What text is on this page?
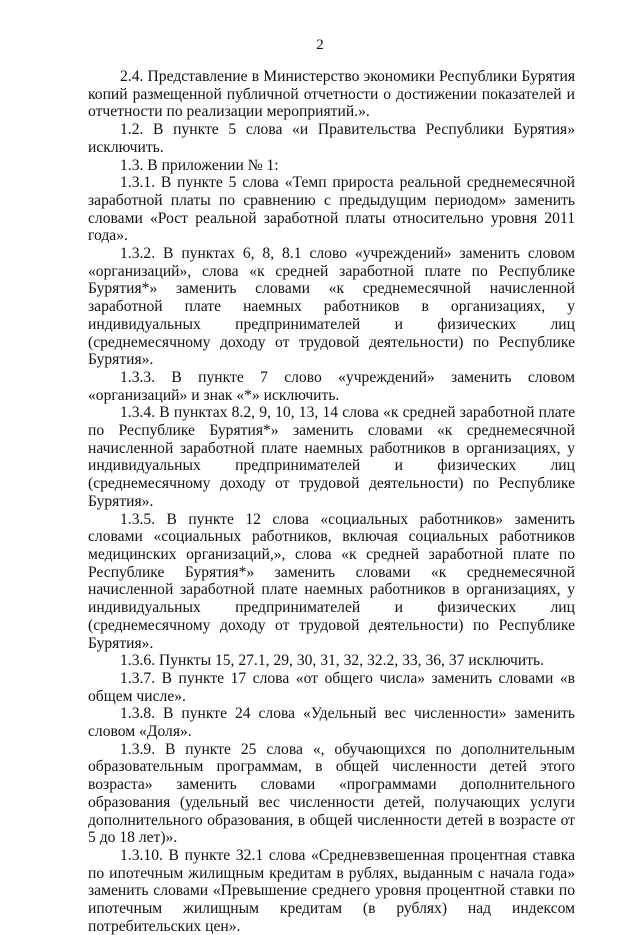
2

2.4. Представление в Министерство экономики Республики Бурятия копий размещенной публичной отчетности о достижении показателей и отчетности по реализации мероприятий.».

1.2. В пункте 5 слова «и Правительства Республики Бурятия» исключить.

1.3. В приложении № 1:

1.3.1. В пункте 5 слова «Темп прироста реальной среднемесячной заработной платы по сравнению с предыдущим периодом» заменить словами «Рост реальной заработной платы относительно уровня 2011 года».

1.3.2. В пунктах 6, 8, 8.1 слово «учреждений» заменить словом «организаций», слова «к средней заработной плате по Республике Бурятия*» заменить словами «к среднемесячной начисленной заработной плате наемных работников в организациях, у индивидуальных предпринимателей и физических лиц (среднемесячному доходу от трудовой деятельности) по Республике Бурятия».

1.3.3. В пункте 7 слово «учреждений» заменить словом «организаций» и знак «*» исключить.

1.3.4. В пунктах 8.2, 9, 10, 13, 14 слова «к средней заработной плате по Республике Бурятия*» заменить словами «к среднемесячной начисленной заработной плате наемных работников в организациях, у индивидуальных предпринимателей и физических лиц (среднемесячному доходу от трудовой деятельности) по Республике Бурятия».

1.3.5. В пункте 12 слова «социальных работников» заменить словами «социальных работников, включая социальных работников медицинских организаций,», слова «к средней заработной плате по Республике Бурятия*» заменить словами «к среднемесячной начисленной заработной плате наемных работников в организациях, у индивидуальных предпринимателей и физических лиц (среднемесячному доходу от трудовой деятельности) по Республике Бурятия».

1.3.6. Пункты 15, 27.1, 29, 30, 31, 32, 32.2, 33, 36, 37 исключить.

1.3.7. В пункте 17 слова «от общего числа» заменить словами «в общем числе».

1.3.8. В пункте 24 слова «Удельный вес численности» заменить словом «Доля».

1.3.9. В пункте 25 слова «, обучающихся по дополнительным образовательным программам, в общей численности детей этого возраста» заменить словами «программами дополнительного образования (удельный вес численности детей, получающих услуги дополнительного образования, в общей численности детей в возрасте от 5 до 18 лет)».

1.3.10. В пункте 32.1 слова «Средневзвешенная процентная ставка по ипотечным жилищным кредитам в рублях, выданным с начала года» заменить словами «Превышение среднего уровня процентной ставки по ипотечным жилищным кредитам (в рублях) над индексом потребительских цен».
